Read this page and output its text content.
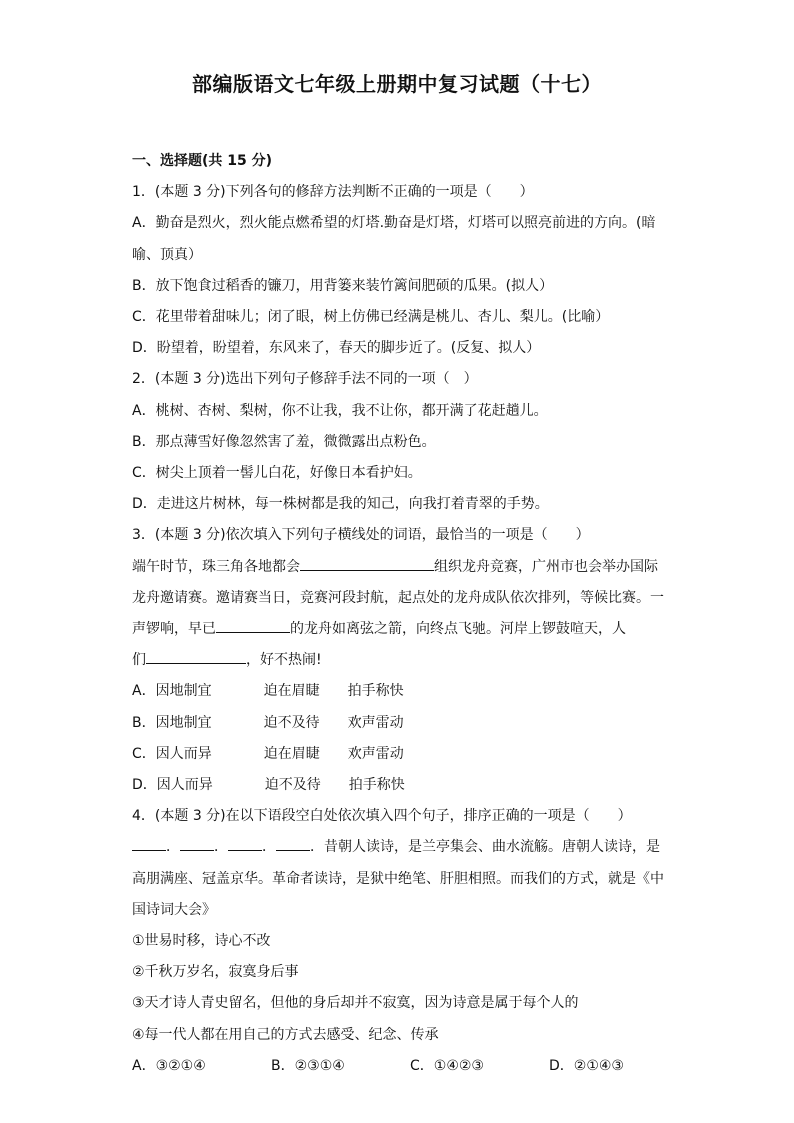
部编版语文七年级上册期中复习试题（十七）
一、选择题(共 15 分)
1．(本题 3 分)下列各句的修辞方法判断不正确的一项是（　　）
A．勤奋是烈火，烈火能点燃希望的灯塔.勤奋是灯塔，灯塔可以照亮前进的方向。(暗
喻、顶真）
B．放下饱食过稻香的镰刀，用背篓来装竹篱间肥硕的瓜果。(拟人）
C．花里带着甜味儿；闭了眼，树上仿佛已经满是桃儿、杏儿、梨儿。(比喻）
D．盼望着，盼望着，东风来了，春天的脚步近了。(反复、拟人）
2．(本题 3 分)选出下列句子修辞手法不同的一项（　）
A．桃树、杏树、梨树，你不让我，我不让你，都开满了花赶趟儿。
B．那点薄雪好像忽然害了羞，微微露出点粉色。
C．树尖上顶着一髻儿白花，好像日本看护妇。
D．走进这片树林，每一株树都是我的知己，向我打着青翠的手势。
3．(本题 3 分)依次填入下列句子横线处的词语，最恰当的一项是（　　）
端午时节，珠三角各地都会	组织龙舟竞赛，广州市也会举办国际
龙舟邀请赛。邀请赛当日，竞赛河段封航，起点处的龙舟成队依次排列，等候比赛。一
声锣响，早已	的龙舟如离弦之箭，向终点飞驰。河岸上锣鼓喧天，人
们	，好不热闹!
A． 因地制宜	迫在眉睫	拍手称快
B． 因地制宜	迫不及待	欢声雷动
C． 因人而异	迫在眉睫	欢声雷动
D． 因人而异	迫不及待	拍手称快
4．(本题 3 分)在以下语段空白处依次填入四个句子，排序正确的一项是（　　）
． ． ． ．昔朝人读诗，是兰亭集会、曲水流觞。唐朝人读诗，是
高朋满座、冠盖京华。革命者读诗，是狱中绝笔、肝胆相照。而我们的方式，就是《中
国诗词大会》
①世易时移，诗心不改
②千秋万岁名，寂寞身后事
③天才诗人青史留名，但他的身后却并不寂寞，因为诗意是属于每个人的
④每一代人都在用自己的方式去感受、纪念、传承
A．③②①④	B．②③①④	C．①④②③	D．②①④③
